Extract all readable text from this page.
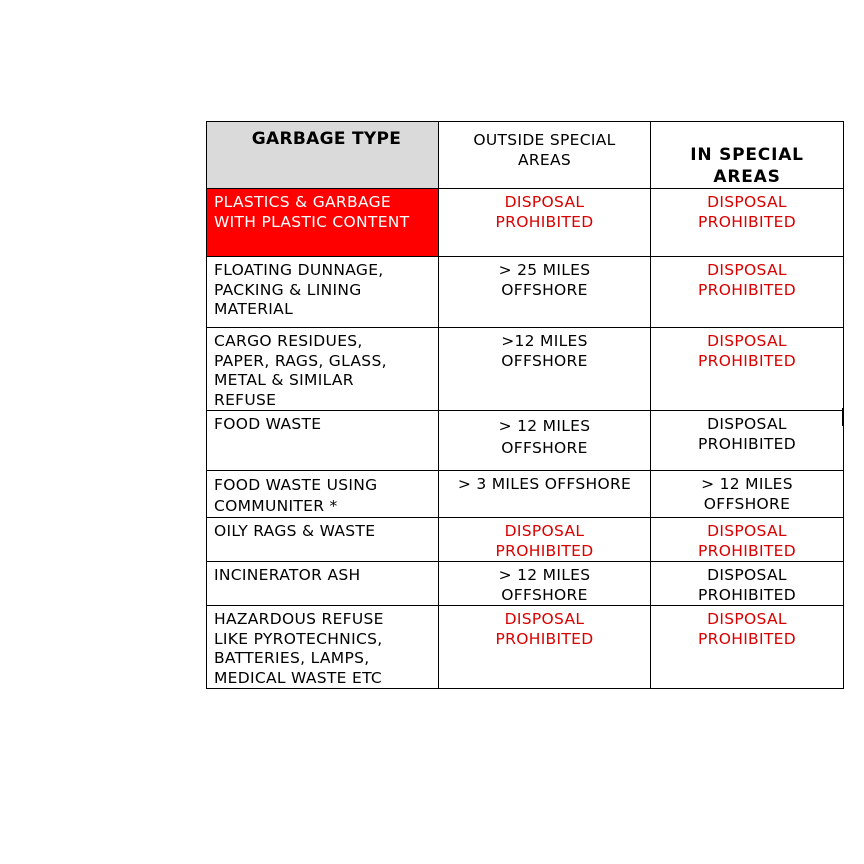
GARBAGE TYPE	OUTSIDE SPECIAL AREAS	IN SPECIAL AREAS

PLASTICS & GARBAGE WITH PLASTIC CONTENT	DISPOSAL PROHIBITED	DISPOSAL PROHIBITED

FLOATING DUNNAGE, PACKING & LINING MATERIAL	> 25 MILES OFFSHORE	DISPOSAL PROHIBITED

CARGO RESIDUES, PAPER, RAGS, GLASS, METAL & SIMILAR REFUSE	>12 MILES OFFSHORE	DISPOSAL PROHIBITED

FOOD WASTE	> 12 MILES OFFSHORE	DISPOSAL PROHIBITED

FOOD WASTE USING COMMUNITER *	> 3 MILES OFFSHORE	> 12 MILES OFFSHORE

OILY RAGS & WASTE	DISPOSAL PROHIBITED	DISPOSAL PROHIBITED

INCINERATOR ASH	> 12 MILES OFFSHORE	DISPOSAL PROHIBITED

HAZARDOUS REFUSE LIKE PYROTECHNICS, BATTERIES, LAMPS, MEDICAL WASTE ETC	DISPOSAL PROHIBITED	DISPOSAL PROHIBITED
